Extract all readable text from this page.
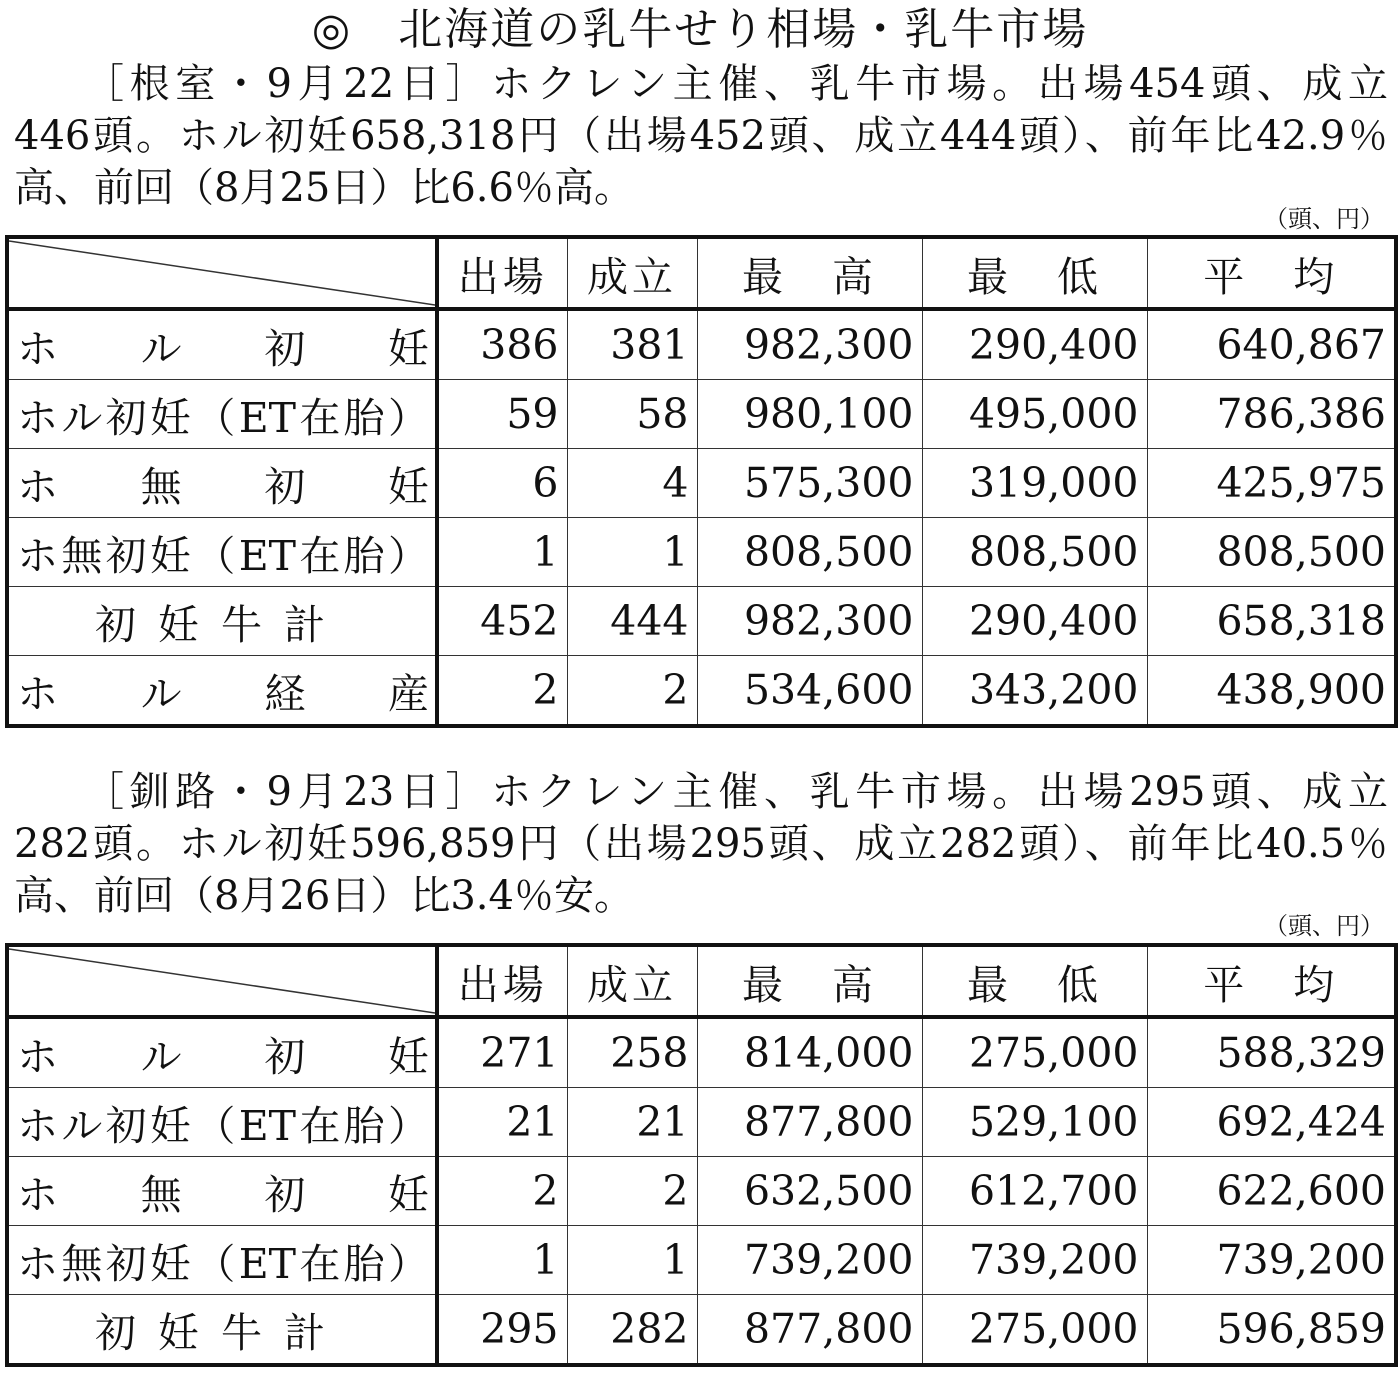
◎　北海道の乳牛せり相場・乳牛市場
［根室・9月22日］ホクレン主催、乳牛市場。出場454頭、成立
446頭。ホル初妊658,318円（出場452頭、成立444頭）、前年比42.9％
高、前回（8月25日）比6.6％高。
（頭、円）
	出場	成立	最　高	最　低	平　均
ホル初妊	386	381	982,300	290,400	640,867
ホル初妊（ET在胎）	59	58	980,100	495,000	786,386
ホ無初妊	6	4	575,300	319,000	425,975
ホ無初妊（ET在胎）	1	1	808,500	808,500	808,500
初妊牛計	452	444	982,300	290,400	658,318
ホル経産	2	2	534,600	343,200	438,900
［釧路・9月23日］ホクレン主催、乳牛市場。出場295頭、成立
282頭。ホル初妊596,859円（出場295頭、成立282頭）、前年比40.5％
高、前回（8月26日）比3.4％安。
（頭、円）
	出場	成立	最　高	最　低	平　均
ホル初妊	271	258	814,000	275,000	588,329
ホル初妊（ET在胎）	21	21	877,800	529,100	692,424
ホ無初妊	2	2	632,500	612,700	622,600
ホ無初妊（ET在胎）	1	1	739,200	739,200	739,200
初妊牛計	295	282	877,800	275,000	596,859
